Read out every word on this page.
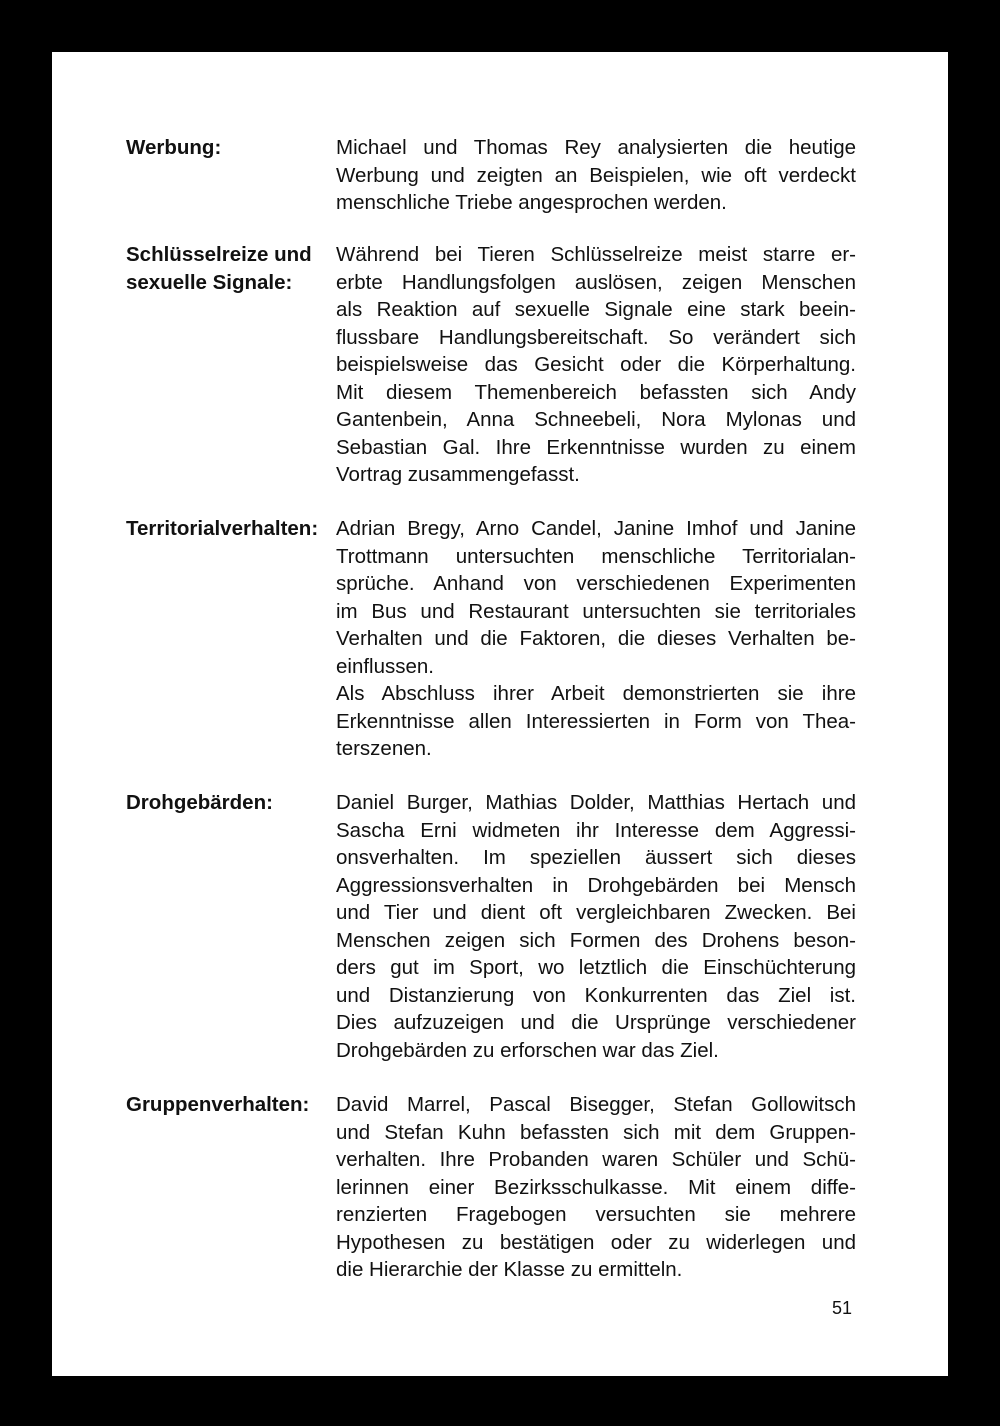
Werbung:	Michael und Thomas Rey analysierten die heutige
Werbung und zeigten an Beispielen, wie oft verdeckt
menschliche Triebe angesprochen werden.
Schlüsselreize und
sexuelle Signale:
Während bei Tieren Schlüsselreize meist starre er-
erbte Handlungsfolgen auslösen, zeigen Menschen
als Reaktion auf sexuelle Signale eine stark beein-
flussbare Handlungsbereitschaft. So verändert sich
beispielsweise das Gesicht oder die Körperhaltung.
Mit diesem Themenbereich befassten sich Andy
Gantenbein, Anna Schneebeli, Nora Mylonas und
Sebastian Gal. Ihre Erkenntnisse wurden zu einem
Vortrag zusammengefasst.
Territorialverhalten: Adrian Bregy, Arno Candel, Janine Imhof und Janine
Trottmann untersuchten menschliche Territorialan-
sprüche. Anhand von verschiedenen Experimenten
im Bus und Restaurant untersuchten sie territoriales
Verhalten und die Faktoren, die dieses Verhalten be-
einflussen.
Als Abschluss ihrer Arbeit demonstrierten sie ihre
Erkenntnisse allen Interessierten in Form von Thea-
terszenen.
Drohgebärden:	Daniel Burger, Mathias Dolder, Matthias Hertach und
Sascha Erni widmeten ihr Interesse dem Aggressi-
onsverhalten. Im speziellen äussert sich dieses
Aggressionsverhalten in Drohgebärden bei Mensch
und Tier und dient oft vergleichbaren Zwecken. Bei
Menschen zeigen sich Formen des Drohens beson-
ders gut im Sport, wo letztlich die Einschüchterung
und Distanzierung von Konkurrenten das Ziel ist.
Dies aufzuzeigen und die Ursprünge verschiedener
Drohgebärden zu erforschen war das Ziel.
Gruppenverhalten:	David Marrel, Pascal Bisegger, Stefan Gollowitsch
und Stefan Kuhn befassten sich mit dem Gruppen-
verhalten. Ihre Probanden waren Schüler und Schü-
lerinnen einer Bezirksschulkasse. Mit einem diffe-
renzierten Fragebogen versuchten sie mehrere
Hypothesen zu bestätigen oder zu widerlegen und
die Hierarchie der Klasse zu ermitteln.
51
